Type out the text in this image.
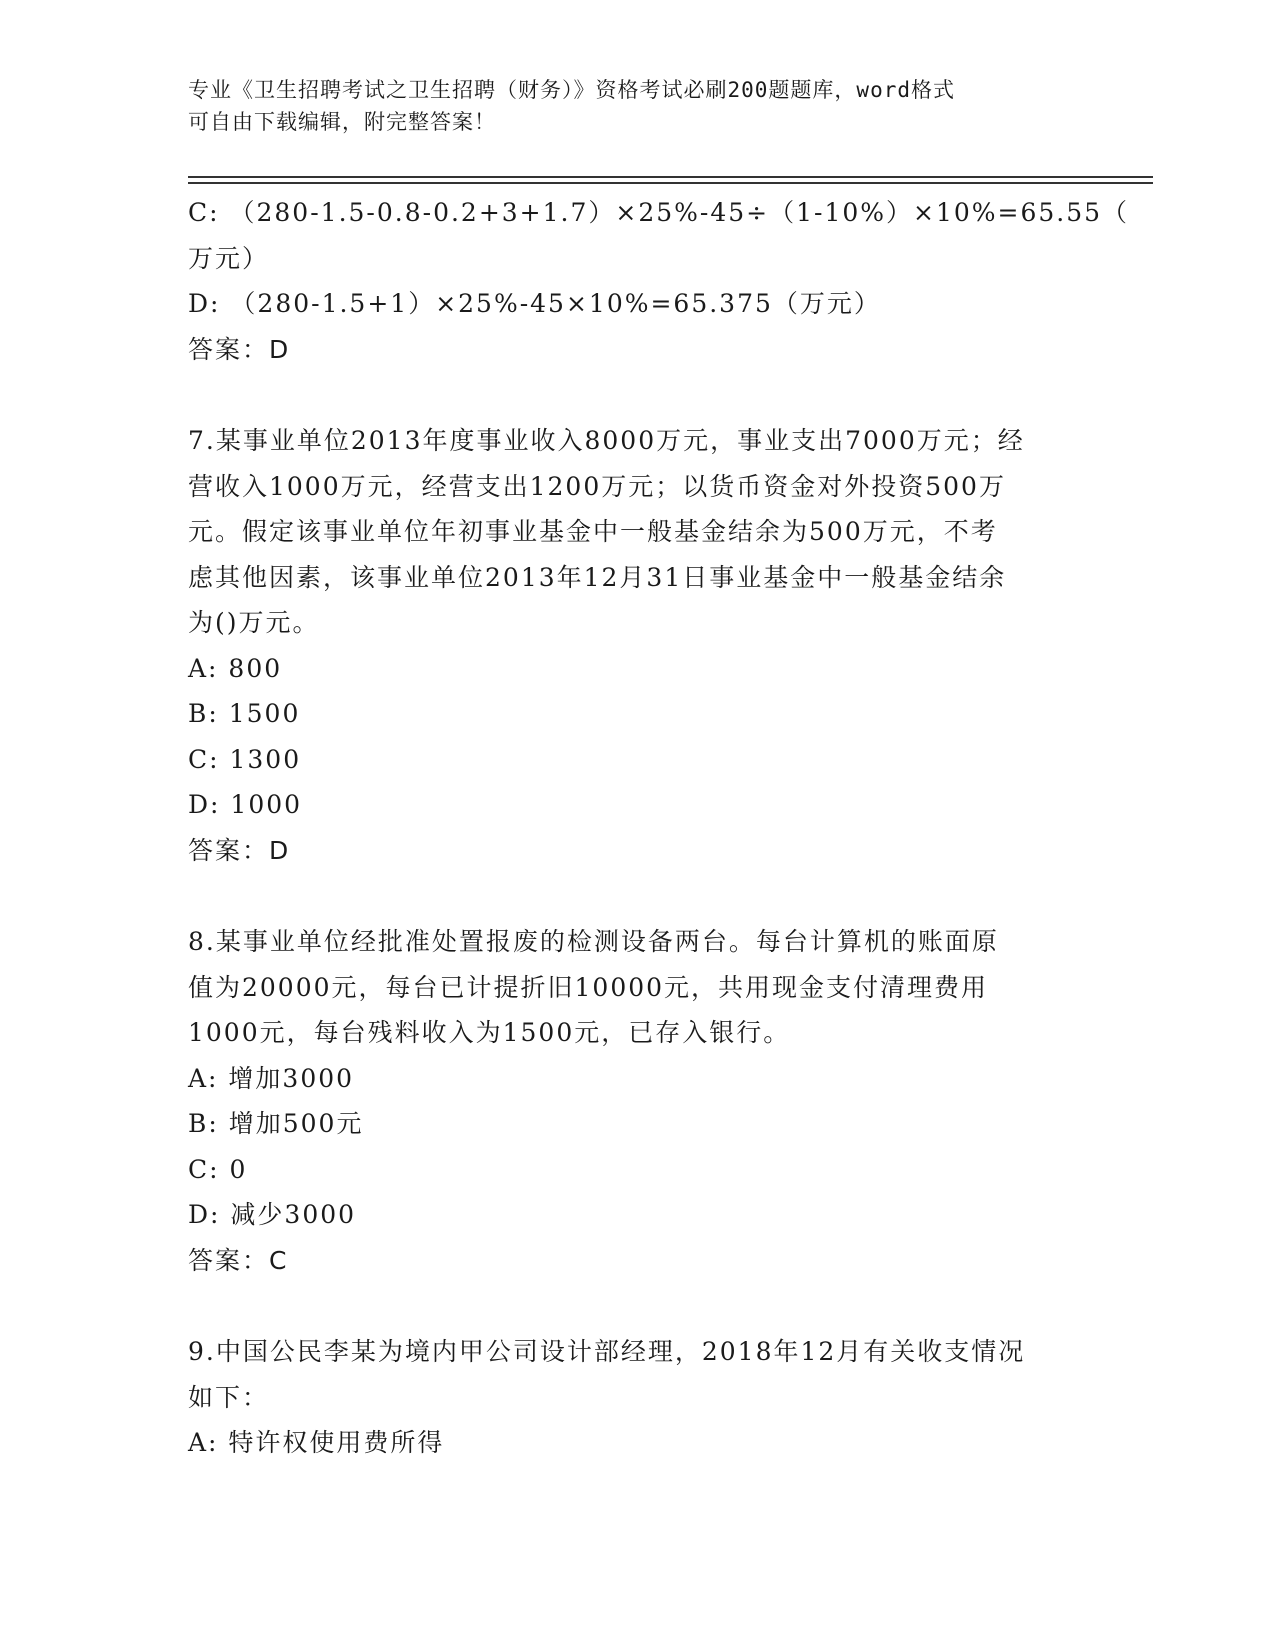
专业《卫生招聘考试之卫生招聘（财务）》资格考试必刷200题题库，word格式
可自由下载编辑，附完整答案！
C: （280-1.5-0.8-0.2+3+1.7）×25%-45÷（1-10%）×10%=65.55（
万元）
D: （280-1.5+1）×25%-45×10%=65.375（万元）
答案：D
7.某事业单位2013年度事业收入8000万元，事业支出7000万元；经
营收入1000万元，经营支出1200万元；以货币资金对外投资500万
元。假定该事业单位年初事业基金中一般基金结余为500万元，不考
虑其他因素，该事业单位2013年12月31日事业基金中一般基金结余
为()万元。
A: 800
B: 1500
C: 1300
D: 1000
答案：D
8.某事业单位经批准处置报废的检测设备两台。每台计算机的账面原
值为20000元，每台已计提折旧10000元，共用现金支付清理费用
1000元，每台残料收入为1500元，已存入银行。
A: 增加3000
B: 增加500元
C: 0
D: 减少3000
答案：C
9.中国公民李某为境内甲公司设计部经理，2018年12月有关收支情况
如下：
A: 特许权使用费所得
